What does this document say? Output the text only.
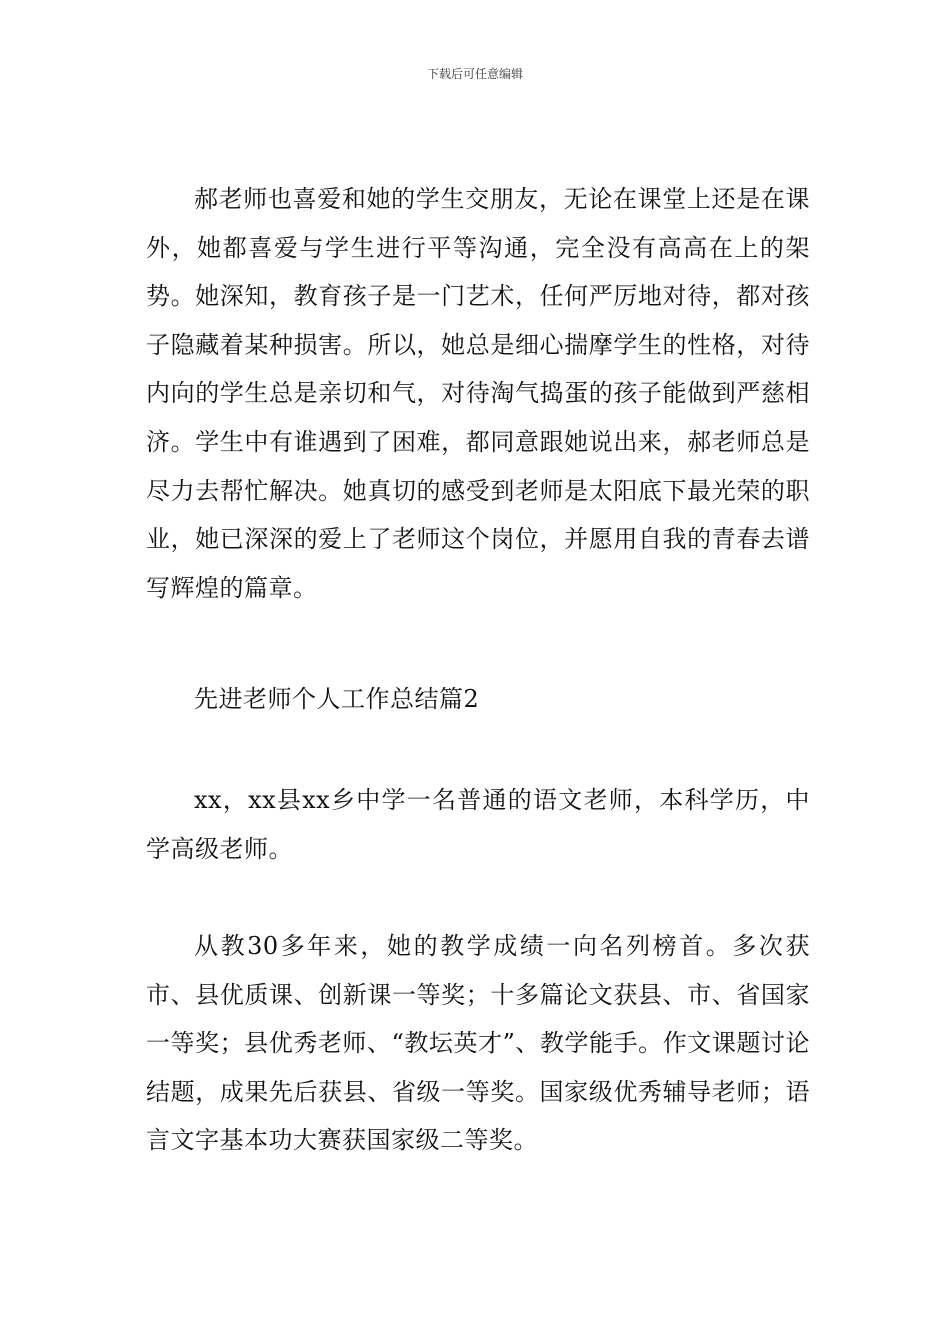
下载后可任意编辑

郝老师也喜爱和她的学生交朋友，无论在课堂上还是在课外，她都喜爱与学生进行平等沟通，完全没有高高在上的架势。她深知，教育孩子是一门艺术，任何严厉地对待，都对孩子隐藏着某种损害。所以，她总是细心揣摩学生的性格，对待内向的学生总是亲切和气，对待淘气捣蛋的孩子能做到严慈相济。学生中有谁遇到了困难，都同意跟她说出来，郝老师总是尽力去帮忙解决。她真切的感受到老师是太阳底下最光荣的职业，她已深深的爱上了老师这个岗位，并愿用自我的青春去谱写辉煌的篇章。

先进老师个人工作总结篇2

xx，xx县xx乡中学一名普通的语文老师，本科学历，中学高级老师。

从教30多年来，她的教学成绩一向名列榜首。多次获市、县优质课、创新课一等奖；十多篇论文获县、市、省国家一等奖；县优秀老师、“教坛英才”、教学能手。作文课题讨论结题，成果先后获县、省级一等奖。国家级优秀辅导老师；语言文字基本功大赛获国家级二等奖。
